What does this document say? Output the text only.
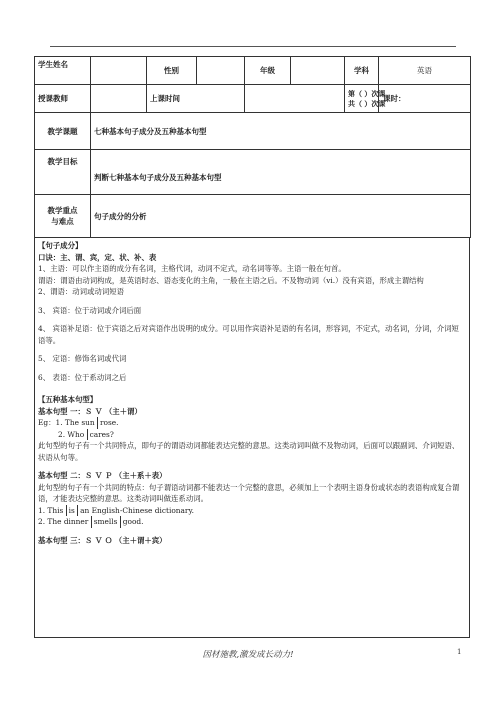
学生姓名		性别		年级		学科	英语
授课教师		上课时间				第（ ）次课
共（ ）次课	课时：
教学课题	七种基本句子成分及五种基本句型						
教学目标	判断七种基本句子成分及五种基本句型						

教学重点
与难点	句子成分的分析						

【句子成分】

口诀：主、谓、宾，定、状、补、表

1、主语：可以作主语的成分有名词，主格代词，动词不定式，动名词等等。主语一般在句首。

谓语：谓语由动词构成，是英语时态、语态变化的主角，一般在主语之后。不及物动词（vi.）没有宾语，形成主谓结构

2、谓语：动词或动词短语

3、 宾语：位于动词或介词后面

4、 宾语补足语：位于宾语之后对宾语作出说明的成分。可以用作宾语补足语的有名词，形容词，不定式，动名词，分词，介词短语等。

5、 定语：修饰名词或代词

6、 表语：位于系动词之后

【五种基本句型】

基本句型 一：Ｓ Ｖ （主＋谓）

Eg：1. The sun rose.

2. Who cares?

此句型的句子有一个共同特点，即句子的谓语动词都能表达完整的意思。这类动词叫做不及物动词，后面可以跟副词、介词短语、状语从句等。

基本句型 二：Ｓ Ｖ Ｐ （主＋系＋表）

此句型的句子有一个共同的特点：句子谓语动词都不能表达一个完整的意思，必须加上一个表明主语身份或状态的表语构成复合谓语，才能表达完整的意思。这类动词叫做连系动词。

1. This is an English-Chinese dictionary.

2. The dinner smells good.

基本句型 三：Ｓ Ｖ Ｏ （主＋谓＋宾）

因材施教,激发成长动力!	1
